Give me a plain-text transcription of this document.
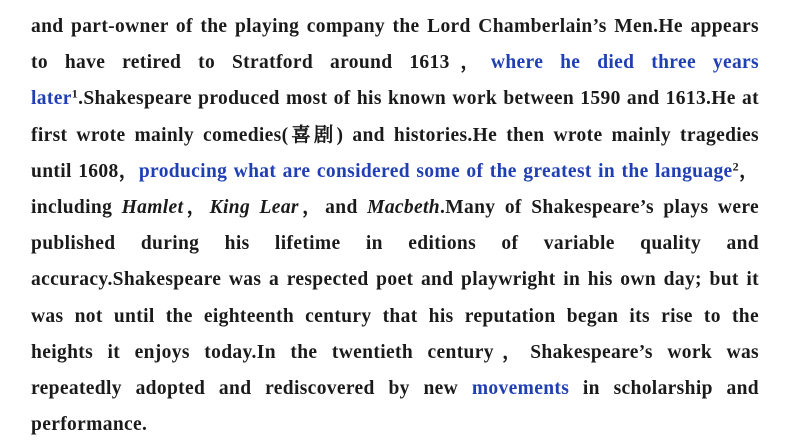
and part-owner of the playing company the Lord Chamberlain’s Men.He appears to have retired to Stratford around 1613，where he died three years later$^1$.Shakespeare produced most of his known work between 1590 and 1613.He at first wrote mainly comedies(喜剧) and histories.He then wrote mainly tragedies until 1608，producing what are considered some of the greatest in the language$^2$，including Hamlet，King Lear，and Macbeth.Many of Shakespeare’s plays were published during his lifetime in editions of variable quality and accuracy.Shakespeare was a respected poet and playwright in his own day; but it was not until the eighteenth century that his reputation began its rise to the heights it enjoys today.In the twentieth century，Shakespeare’s work was repeatedly adopted and rediscovered by new movements in scholarship and performance.
